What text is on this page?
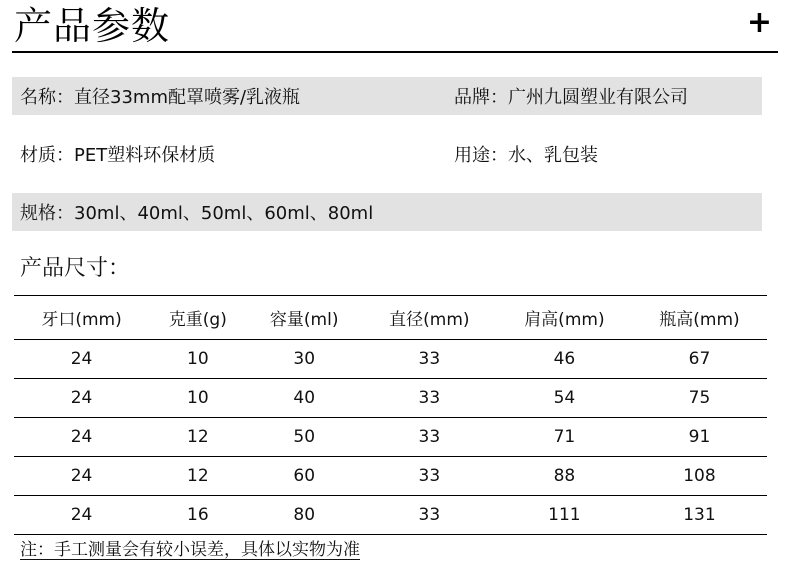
产品参数	+
名称：直径33mm配罩喷雾/乳液瓶	品牌：广州九圆塑业有限公司
材质：PET塑料环保材质	用途：水、乳包装
规格：30ml、40ml、50ml、60ml、80ml
产品尺寸：
牙口(mm)	克重(g)	容量(ml)	直径(mm)	肩高(mm)	瓶高(mm)
24	10	30	33	46	67
24	10	40	33	54	75
24	12	50	33	71	91
24	12	60	33	88	108
24	16	80	33	111	131
注：手工测量会有较小误差，具体以实物为准
